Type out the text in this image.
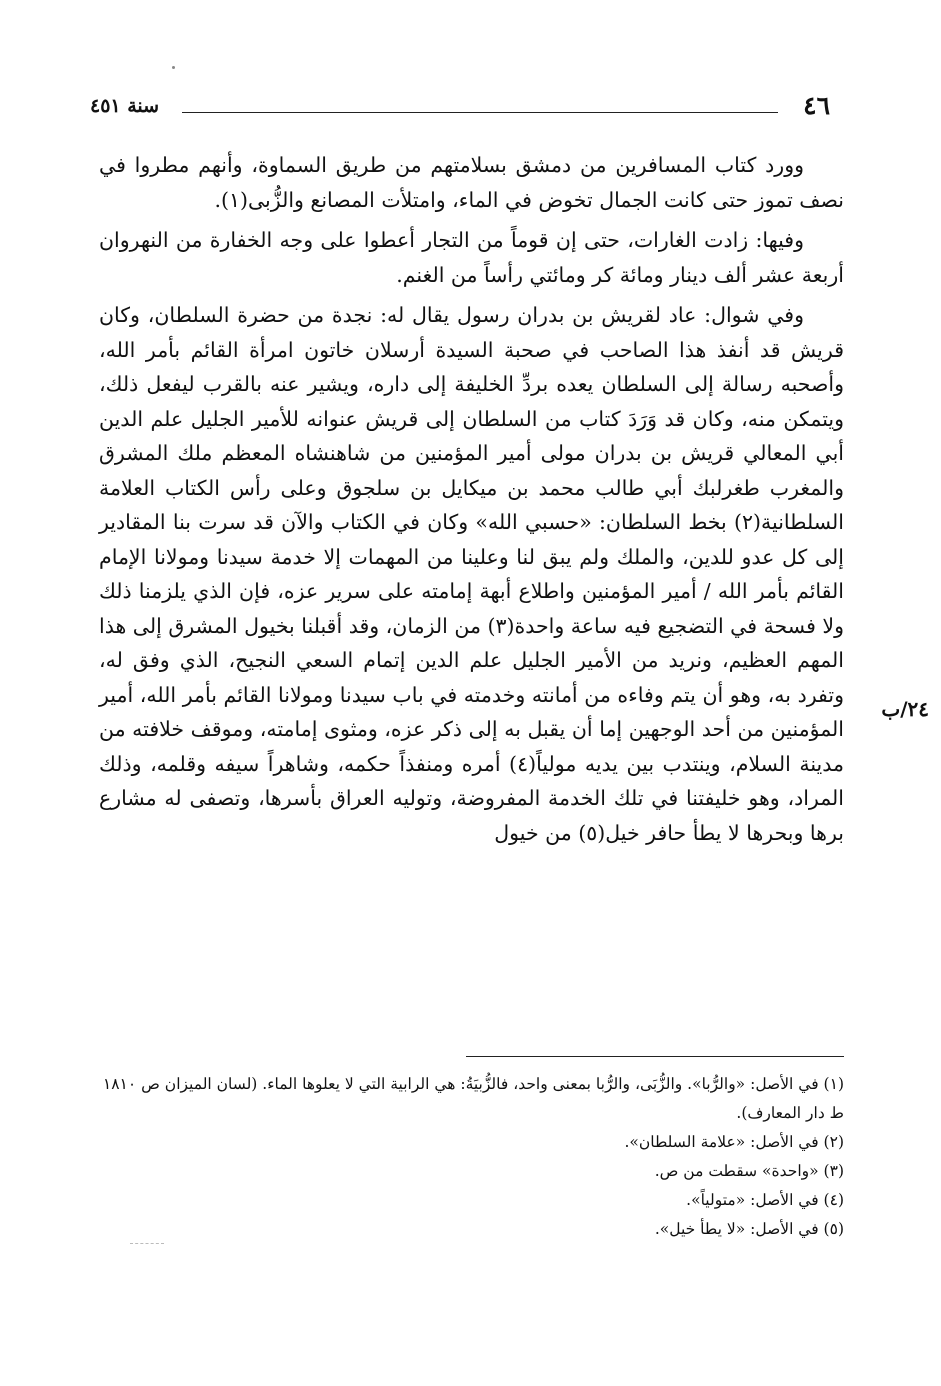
٤٦
سنة ٤٥١

وورد كتاب المسافرين من دمشق بسلامتهم من طريق السماوة، وأنهم مطروا في نصف تموز حتى كانت الجمال تخوض في الماء، وامتلأت المصانع والزُّبى(١).

وفيها: زادت الغارات، حتى إن قوماً من التجار أعطوا على وجه الخفارة من النهروان أربعة عشر ألف دينار ومائة كر ومائتي رأساً من الغنم.

وفي شوال: عاد لقريش بن بدران رسول يقال له: نجدة من حضرة السلطان، وكان قريش قد أنفذ هذا الصاحب في صحبة السيدة أرسلان خاتون امرأة القائم بأمر الله، وأصحبه رسالة إلى السلطان يعده بردِّ الخليفة إلى داره، ويشير عنه بالقرب ليفعل ذلك، ويتمكن منه، وكان قد وَرَدَ كتاب من السلطان إلى قريش عنوانه للأمير الجليل علم الدين أبي المعالي قريش بن بدران مولى أمير المؤمنين من شاهنشاه المعظم ملك المشرق والمغرب طغرلبك أبي طالب محمد بن ميكايل بن سلجوق وعلى رأس الكتاب العلامة السلطانية(٢) بخط السلطان: «حسبي الله» وكان في الكتاب والآن قد سرت بنا المقادير إلى كل عدو للدين، والملك ولم يبق لنا وعلينا من المهمات إلا خدمة سيدنا ومولانا الإمام القائم بأمر الله / أمير المؤمنين واطلاع أبهة إمامته على سرير عزه، فإن الذي يلزمنا ذلك ولا فسحة في التضجيع فيه ساعة واحدة(٣) من الزمان، وقد أقبلنا بخيول المشرق إلى هذا المهم العظيم، ونريد من الأمير الجليل علم الدين إتمام السعي النجيح، الذي وفق له، وتفرد به، وهو أن يتم وفاءه من أمانته وخدمته في باب سيدنا ومولانا القائم بأمر الله، أمير المؤمنين من أحد الوجهين إما أن يقبل به إلى ذكر عزه، ومثوى إمامته، وموقف خلافته من مدينة السلام، وينتدب بين يديه مولياً(٤) أمره ومنفذاً حكمه، وشاهراً سيفه وقلمه، وذلك المراد، وهو خليفتنا في تلك الخدمة المفروضة، وتوليه العراق بأسرها، وتصفى له مشارع برها وبحرها لا يطأ حافر خيل(٥) من خيول

٢٤/ب
(١) في الأصل: «والرُّبا». والزُّبَى، والرُّبا بمعنى واحد، فالزُّبيَةُ: هي الرابية التي لا يعلوها الماء. (لسان الميزان ص ١٨١٠ ط دار المعارف).
(٢) في الأصل: «علامة السلطان».
(٣) «واحدة» سقطت من ص.
(٤) في الأصل: «متولياً».
(٥) في الأصل: «لا يطأ خيل».
